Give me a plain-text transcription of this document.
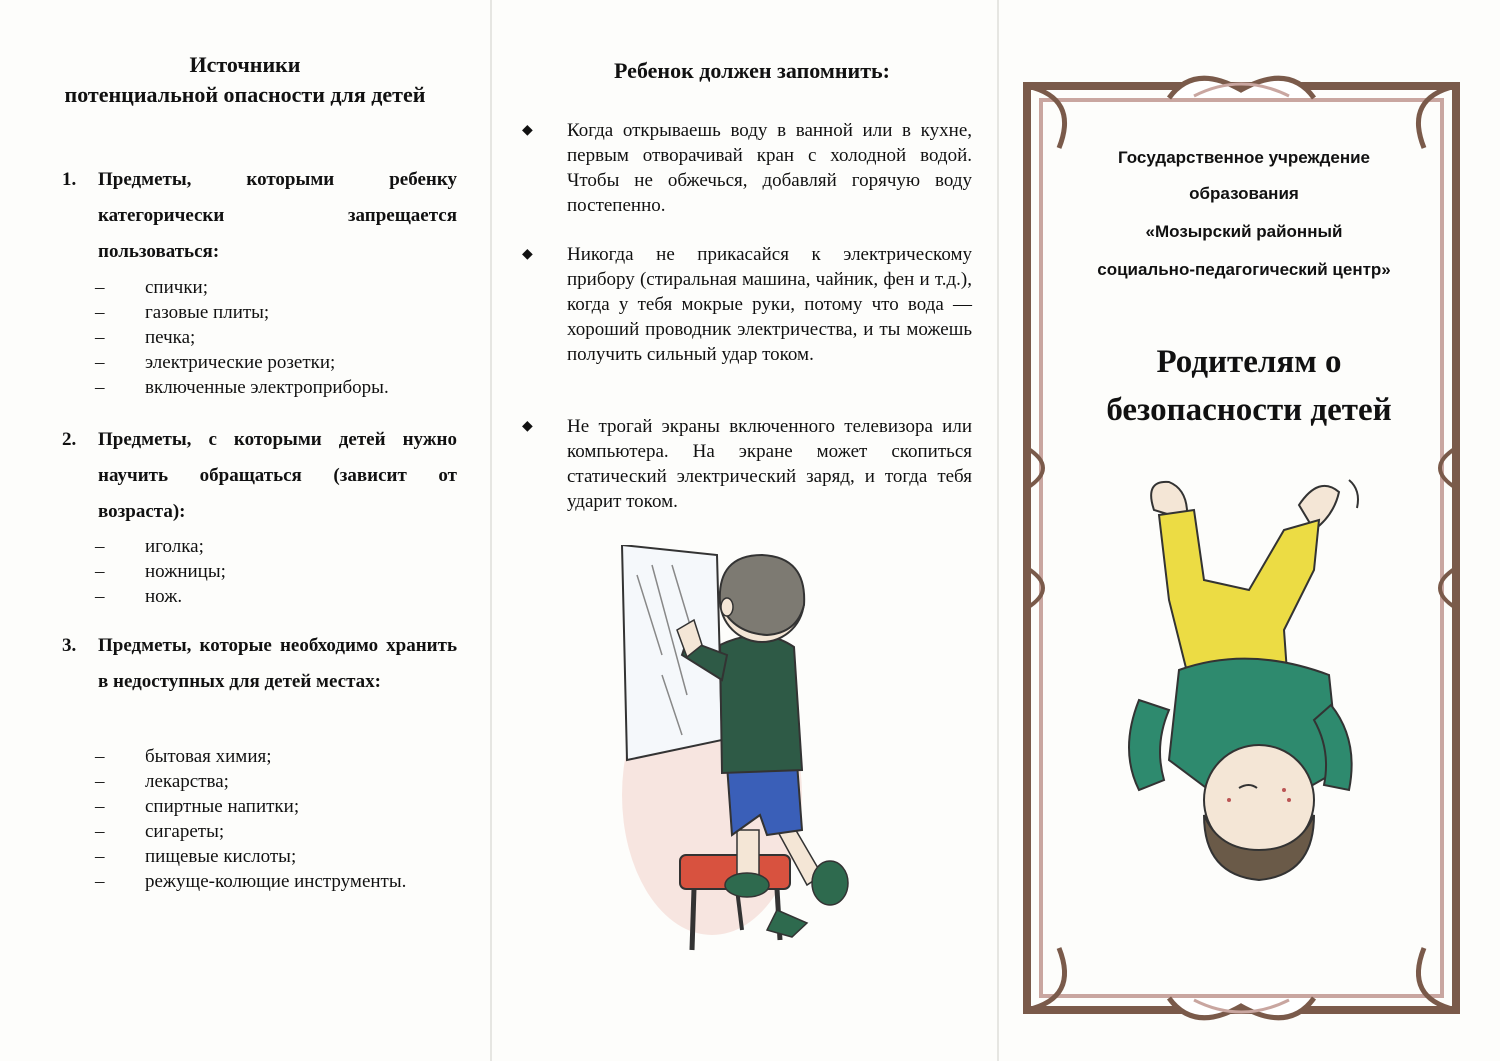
Источники
потенциальной опасности для детей
1. Предметы, которыми ребенку категорически запрещается пользоваться:
– спички;
– газовые плиты;
– печка;
– электрические розетки;
– включенные электроприборы.
2. Предметы, с которыми детей нужно научить обращаться (зависит от возраста):
– иголка;
– ножницы;
– нож.
3. Предметы, которые необходимо хранить в недоступных для детей местах:
– бытовая химия;
– лекарства;
– спиртные напитки;
– сигареты;
– пищевые кислоты;
– режуще-колющие инструменты.
Ребенок должен запомнить:
◆ Когда открываешь воду в ванной или в кухне, первым отворачивай кран с холодной водой. Чтобы не обжечься, добавляй горячую воду постепенно.
◆ Никогда не прикасайся к электрическому прибору (стиральная машина, чайник, фен и т.д.), когда у тебя мокрые руки, потому что вода — хороший проводник электричества, и ты можешь получить сильный удар током.
◆ Не трогай экраны включенного телевизора или компьютера. На экране может скопиться статический электрический заряд, и тогда тебя ударит током.
Государственное учреждение
образования
«Мозырский районный
социально-педагогический центр»
Родителям о
безопасности детей
